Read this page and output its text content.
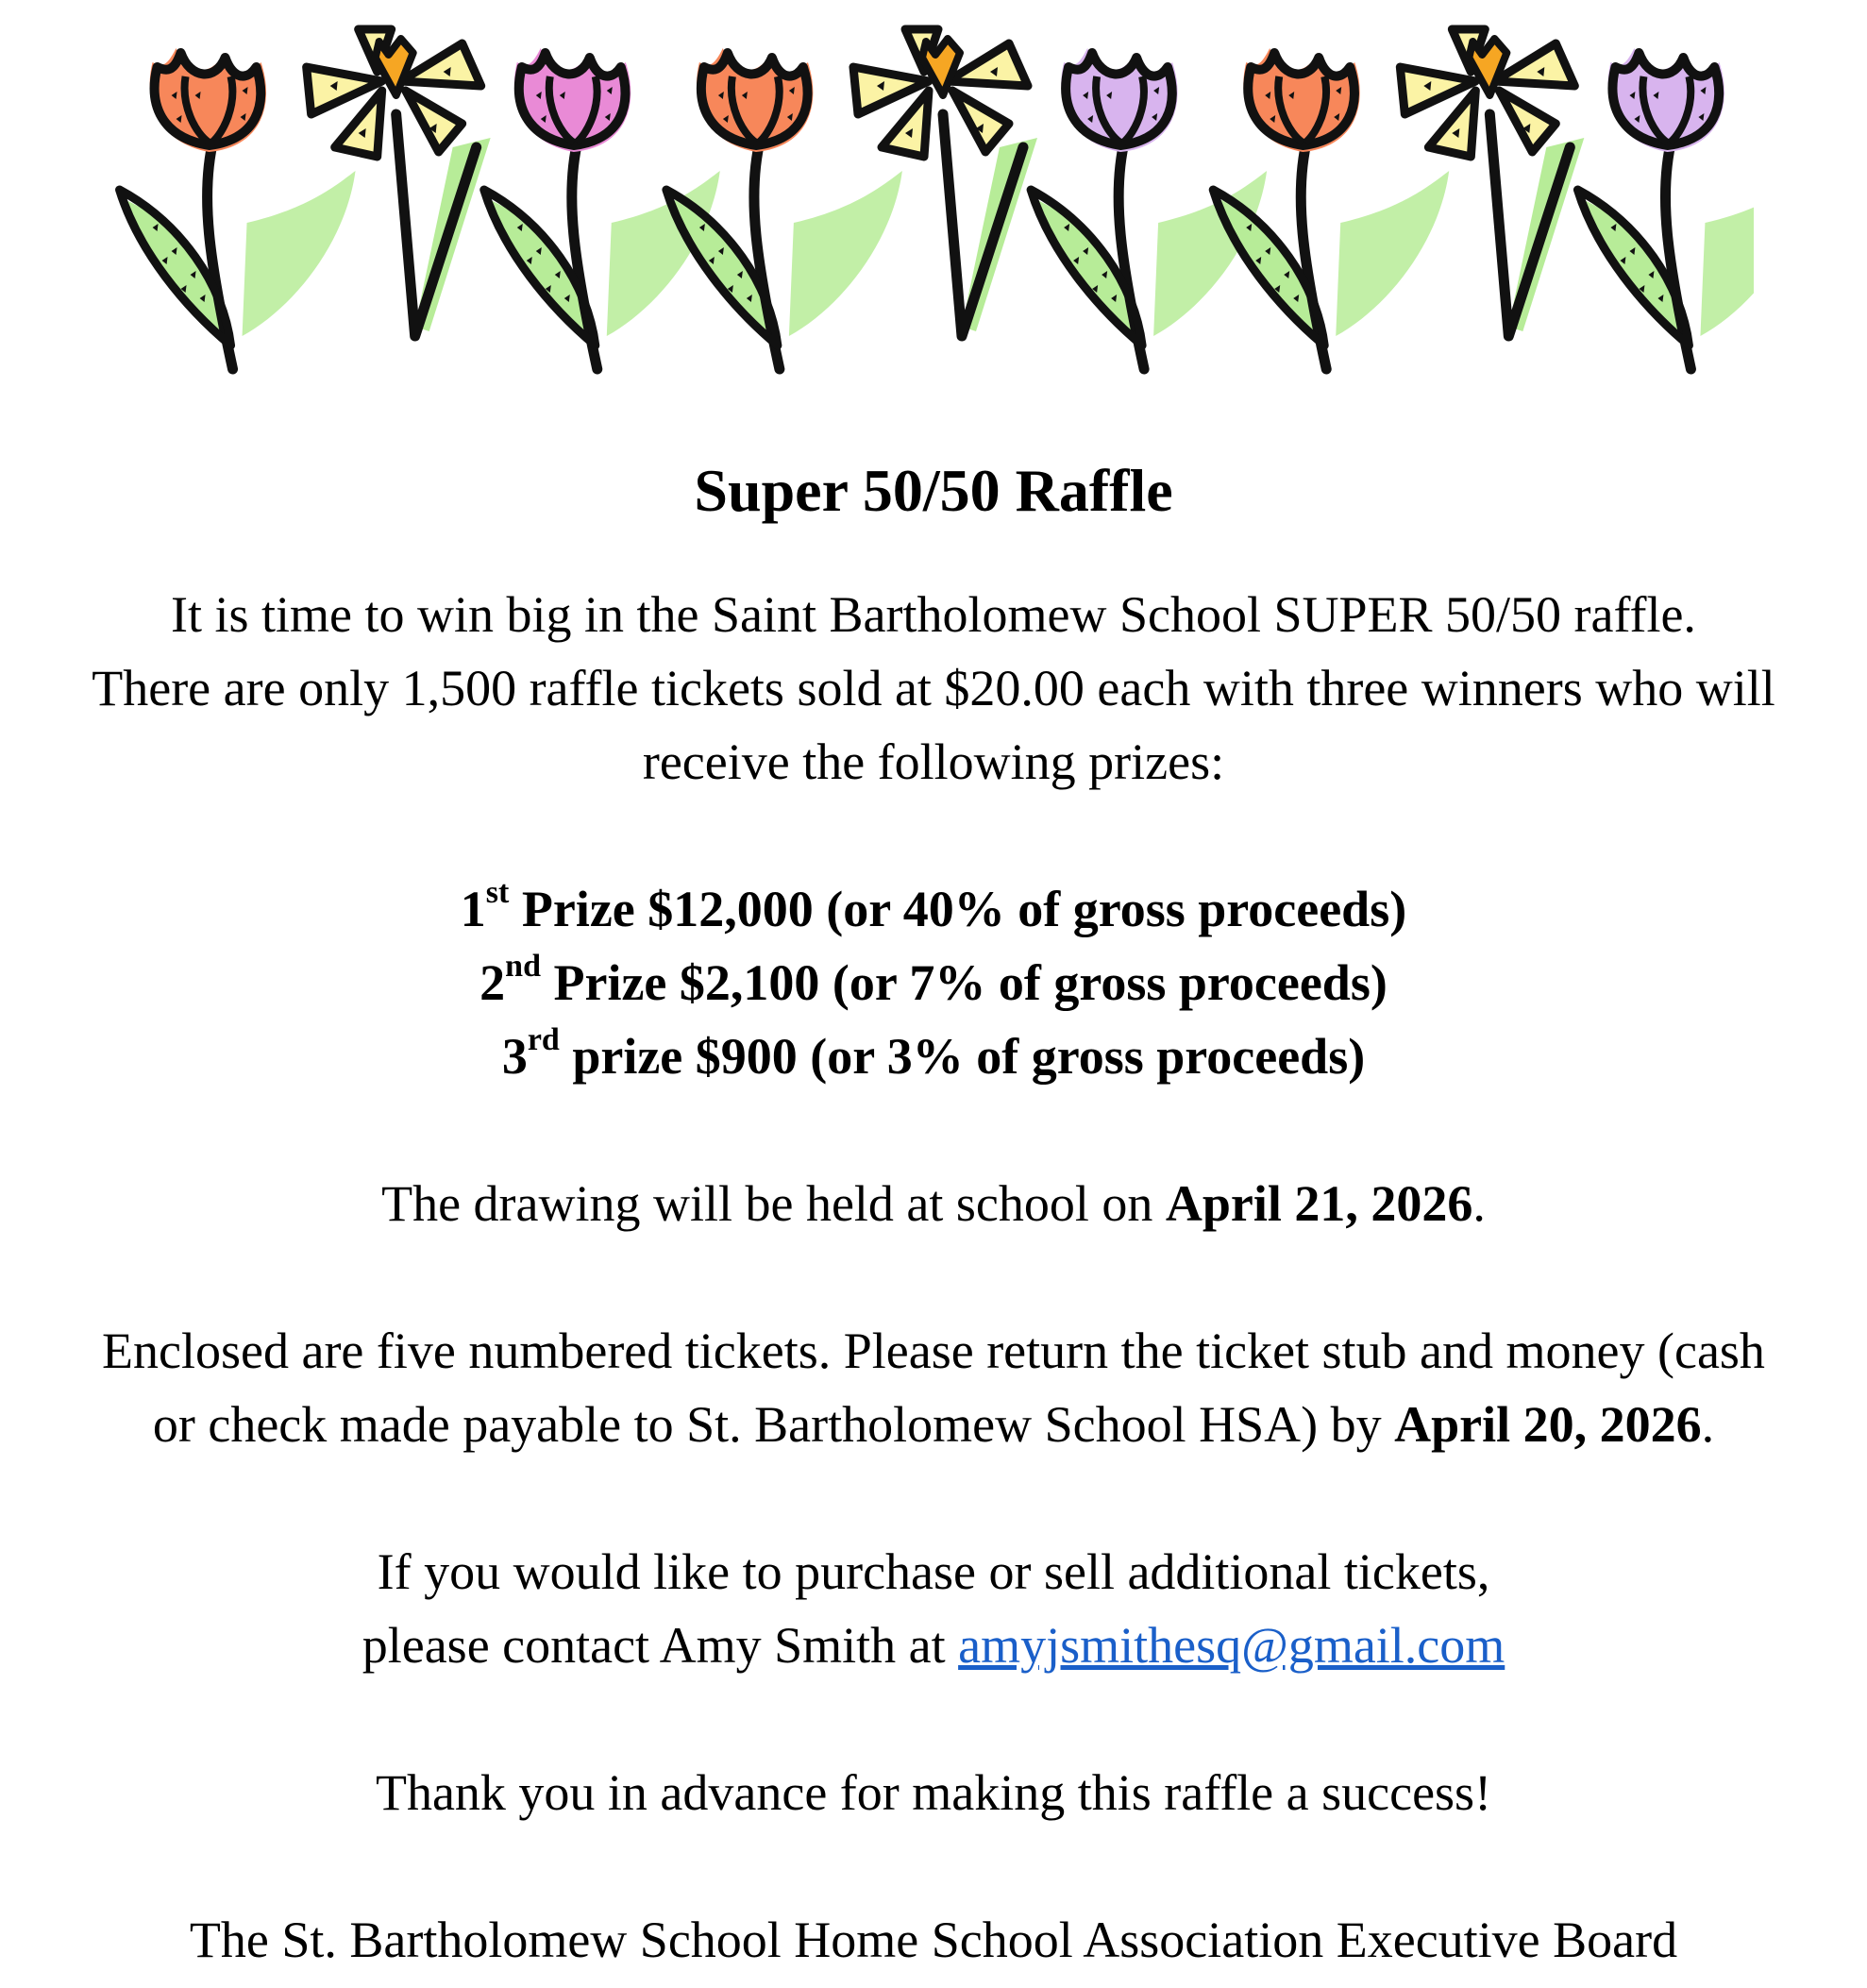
Super 50/50 Raffle

It is time to win big in the Saint Bartholomew School SUPER 50/50 raffle.

There are only 1,500 raffle tickets sold at $20.00 each with three winners who will

receive the following prizes:

1st Prize $12,000 (or 40% of gross proceeds)

2nd Prize $2,100 (or 7% of gross proceeds)

3rd prize $900 (or 3% of gross proceeds)

The drawing will be held at school on April 21, 2026.

Enclosed are five numbered tickets. Please return the ticket stub and money (cash

or check made payable to St. Bartholomew School HSA) by April 20, 2026.

If you would like to purchase or sell additional tickets,

please contact Amy Smith at amyjsmithesq@gmail.com

Thank you in advance for making this raffle a success!

The St. Bartholomew School Home School Association Executive Board
